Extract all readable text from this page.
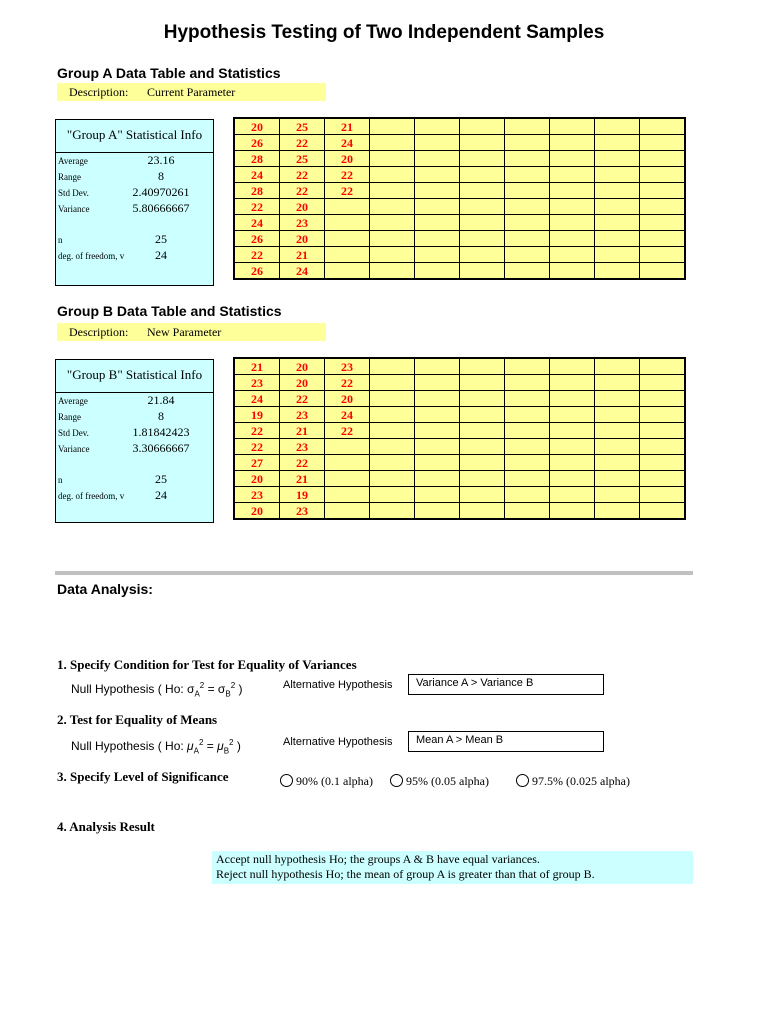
Hypothesis Testing of Two Independent Samples
Group A Data Table and Statistics
Description: Current Parameter
"Group A" Statistical Info
Average	23.16
Range	8
Std Dev.	2.40970261
Variance	5.80666667
n	25
deg. of freedom, v	24
20	25	21							
26	22	24							
28	25	20							
24	22	22							
28	22	22							
22	20								
24	23								
26	20								
22	21								
26	24								
Group B Data Table and Statistics
Description: New Parameter
"Group B" Statistical Info
Average	21.84
Range	8
Std Dev.	1.81842423
Variance	3.30666667
n	25
deg. of freedom, v	24
21	20	23							
23	20	22							
24	22	20							
19	23	24							
22	21	22							
22	23								
27	22								
20	21								
23	19								
20	23								
Data Analysis:
1. Specify Condition for Test for Equality of Variances
Null Hypothesis ( Ho: $\sigma_A^2 = \sigma_B^2$ )	Alternative Hypothesis Variance A > Variance B
2. Test for Equality of Means
Null Hypothesis ( Ho: $\mu_A^2 = \mu_B^2$ )	Alternative Hypothesis Mean A > Mean B
3. Specify Level of Significance	90% (0.1 alpha)	95% (0.05 alpha)	97.5% (0.025 alpha)
4. Analysis Result
Accept null hypothesis Ho; the groups A & B have equal variances.
Reject null hypothesis Ho; the mean of group A is greater than that of group B.
